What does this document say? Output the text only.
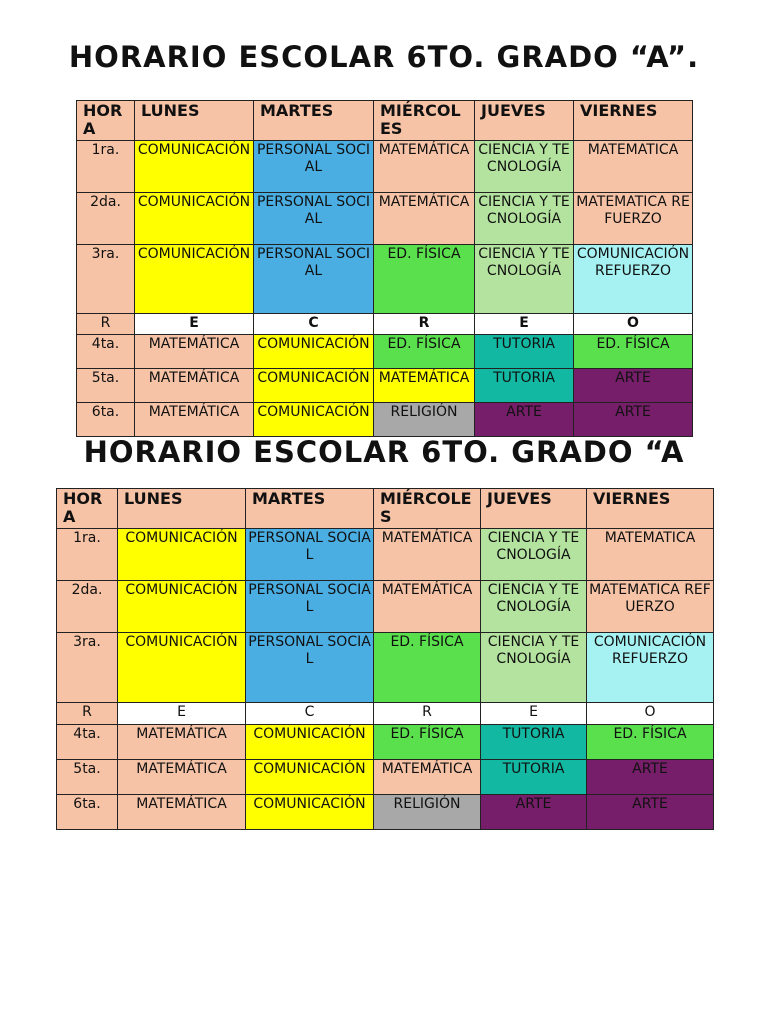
HORARIO ESCOLAR 6TO. GRADO “A”.
HORA	LUNES	MARTES	MIÉRCOLES	JUEVES	VIERNES
1ra.	COMUNICACIÓN	PERSONAL SOCIAL	MATEMÁTICA	CIENCIA Y TECNOLOGÍA	MATEMATICA
2da.	COMUNICACIÓN	PERSONAL SOCIAL	MATEMÁTICA	CIENCIA Y TECNOLOGÍA	MATEMATICA REFUERZO
3ra.	COMUNICACIÓN	PERSONAL SOCIAL	ED. FÍSICA	CIENCIA Y TECNOLOGÍA	COMUNICACIÓN REFUERZO
R	E	C	R	E	O
4ta.	MATEMÁTICA	COMUNICACIÓN	ED. FÍSICA	TUTORIA	ED. FÍSICA
5ta.	MATEMÁTICA	COMUNICACIÓN	MATEMÁTICA	TUTORIA	ARTE
6ta.	MATEMÁTICA	COMUNICACIÓN	RELIGIÓN	ARTE	ARTE
HORARIO ESCOLAR 6TO. GRADO “A
HORA	LUNES	MARTES	MIÉRCOLES	JUEVES	VIERNES
1ra.	COMUNICACIÓN	PERSONAL SOCIAL	MATEMÁTICA	CIENCIA Y TECNOLOGÍA	MATEMATICA
2da.	COMUNICACIÓN	PERSONAL SOCIAL	MATEMÁTICA	CIENCIA Y TECNOLOGÍA	MATEMATICA REFUERZO
3ra.	COMUNICACIÓN	PERSONAL SOCIAL	ED. FÍSICA	CIENCIA Y TECNOLOGÍA	COMUNICACIÓN REFUERZO
R	E	C	R	E	O
4ta.	MATEMÁTICA	COMUNICACIÓN	ED. FÍSICA	TUTORIA	ED. FÍSICA
5ta.	MATEMÁTICA	COMUNICACIÓN	MATEMÁTICA	TUTORIA	ARTE
6ta.	MATEMÁTICA	COMUNICACIÓN	RELIGIÓN	ARTE	ARTE
